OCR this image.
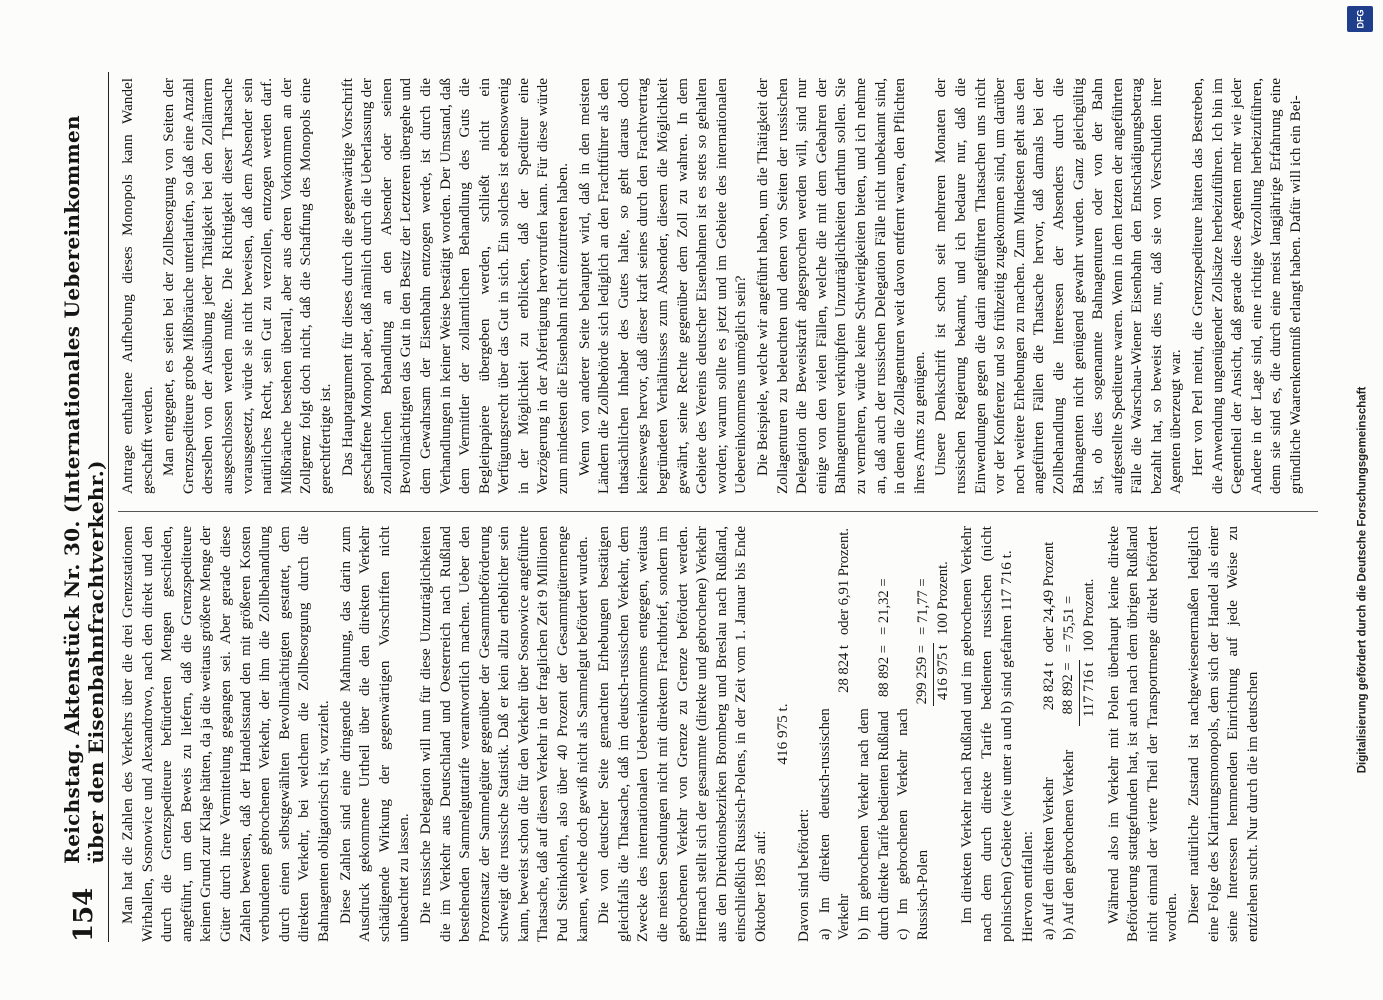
154
Reichstag. Aktenstück Nr. 30. (Internationales Uebereinkommen über den Eisenbahnfrachtverkehr.) Man hat die Zahlen des Verkehrs über die drei Grenzstationen Wirballen, Sosnowice und Alexandrowo, nach den direkt und den durch die Grenzspediteure befürderten Mengen geschieden, angeführt, um den Beweis zu liefern, daß die Grenzspediteure keinen Grund zur Klage hätten, da ja die weitaus größere Menge der Güter durch ihre Vermittelung gegangen sei. Aber gerade diese Zahlen beweisen, daß der Handelsstand den mit größeren Kosten verbundenen gebrochenen Verkehr, der ihm die Zollbehandlung durch einen selbstgewählten Bevollmächtigten gestattet, dem direkten Verkehr, bei welchem die Zollbesorgung durch die Bahnagenten obligatorisch ist, vorzieht. Diese Zahlen sind eine dringende Mahnung, das darin zum Ausdruck gekommene Urtheil über die den direkten Verkehr schädigende Wirkung der gegenwärtigen Vorschriften nicht unbeachtet zu lassen. Die russische Delegation will nun für diese Unzuträglichkeiten die im Verkehr aus Deutschland und Oesterreich nach Rußland bestehenden Sammelguttarife verantwortlich machen. Ueber den Prozentsatz der Sammelgüter gegenüber der Gesammtbeförderung schweigt die russische Statistik. Daß er kein allzu erheblicher sein kann, beweist schon die für den Verkehr über Sosnowice angeführte Thatsache, daß auf diesen Verkehr in der fraglichen Zeit 9 Millionen Pud Steinkohlen, also über 40 Prozent der Gesammtgütermenge kamen, welche doch gewiß nicht als Sammelgut befördert wurden. Die von deutscher Seite gemachten Erhebungen bestätigen gleichfalls die Thatsache, daß im deutsch-russischen Verkehr, dem Zwecke des internationalen Uebereinkommens entgegen, weitaus die meisten Sendungen nicht mit direktem Frachtbrief, sondern im gebrochenen Verkehr von Grenze zu Grenze befördert werden. Hiernach stellt sich der gesammte (direkte und gebrochene) Verkehr aus den Direktionsbezirken Bromberg und Breslau nach Rußland, einschließlich Russisch-Polens, in der Zeit vom 1. Januar bis Ende Oktober 1895 auf:

416 975 t.

Davon sind befördert: a) Im direkten deutsch-russischen Verkehr	28 824 t	oder 6,91 Prozent.
b) Im gebrochenen Verkehr nach dem durch direkte Tarife bedienten Rußland	88 892 =	= 21,32 =
c) Im gebrochenen Verkehr nach Russisch-Polen	299 259 =	= 71,77 =
	416 975 t	100 Prozent. Im direkten Verkehr nach Rußland und im gebrochenen Verkehr nach dem durch direkte Tarife bedienten russischen (nicht polnischen) Gebiete (wie unter a und b) sind gefahren 117 716 t.

Hiervon entfallen: a) Auf den direkten Verkehr	28 824 t	oder 24,49 Prozent
b) Auf den gebrochenen Verkehr	88 892 =	= 75,51 =
	117 716 t	100 Prozent. Während also im Verkehr mit Polen überhaupt keine direkte Beförderung stattgefunden hat, ist auch nach dem übrigen Rußland nicht einmal der vierte Theil der Transportmenge direkt befördert worden. Dieser natürliche Zustand ist nachgewiesenermaßen lediglich eine Folge des Klarirungsmonopols, dem sich der Handel als einer seine Interessen hemmenden Einrichtung auf jede Weise zu entziehen sucht. Nur durch die im deutschen

Antrage enthaltene Aufhebung dieses Monopols kann Wandel geschafft werden. Man entgegnet, es seien bei der Zollbesorgung von Seiten der Grenzspediteure grobe Mißbräuche unterlaufen, so daß eine Anzahl derselben von der Ausübung jeder Thätigkeit bei den Zollämtern ausgeschlossen werden mußte. Die Richtigkeit dieser Thatsache vorausgesetzt, würde sie nicht beweisen, daß dem Absender sein natürliches Recht, sein Gut zu verzollen, entzogen werden darf. Mißbräuche bestehen überall, aber aus deren Vorkommen an der Zollgrenz folgt doch nicht, daß die Schaffung des Monopols eine gerechtfertigte ist. Das Hauptargument für dieses durch die gegenwärtige Vorschrift geschaffene Monopol aber, daß nämlich durch die Ueberlassung der zollamtlichen Behandlung an den Absender oder seinen Bevollmächtigten das Gut in den Besitz der Letzteren übergehe und dem Gewahrsam der Eisenbahn entzogen werde, ist durch die Verhandlungen in keiner Weise bestätigt worden. Der Umstand, daß dem Vermittler der zollamtlichen Behandlung des Guts die Begleitpapiere übergeben werden, schließt nicht ein Verfügungsrecht über das Gut in sich. Ein solches ist ebensowenig in der Möglichkeit zu erblicken, daß der Spediteur eine Verzögerung in der Abfertigung hervorrufen kann. Für diese würde zum mindesten die Eisenbahn nicht einzutreten haben. Wenn von anderer Seite behauptet wird, daß in den meisten Ländern die Zollbehörde sich lediglich an den Frachtführer als den thatsächlichen Inhaber des Gutes halte, so geht daraus doch keineswegs hervor, daß dieser kraft seines durch den Frachtvertrag begründeten Verhältnisses zum Absender, diesem die Möglichkeit gewährt, seine Rechte gegenüber dem Zoll zu wahren. In dem Gebiete des Vereins deutscher Eisenbahnen ist es stets so gehalten worden; warum sollte es jetzt und im Gebiete des internationalen Uebereinkommens unmöglich sein? Die Beispiele, welche wir angeführt haben, um die Thätigkeit der Zollagenturen zu beleuchten und denen von Seiten der russischen Delegation die Beweiskraft abgesprochen werden will, sind nur einige von den vielen Fällen, welche die mit dem Gebahren der Bahnagenturen verknüpften Unzuträglichkeiten darthun sollen. Sie zu vermehren, würde keine Schwierigkeiten bieten, und ich nehme an, daß auch der russischen Delegation Fälle nicht unbekannt sind, in denen die Zollagenturen weit davon entfernt waren, den Pflichten ihres Amts zu genügen. Unsere Denkschrift ist schon seit mehreren Monaten der russischen Regierung bekannt, und ich bedaure nur, daß die Einwendungen gegen die darin angeführten Thatsachen uns nicht vor der Konferenz und so frühzeitig zugekommen sind, um darüber noch weitere Erhebungen zu machen. Zum Mindesten geht aus den angeführten Fällen die Thatsache hervor, daß damals bei der Zollbehandlung die Interessen der Absenders durch die Bahnagenten nicht genügend gewahrt wurden. Ganz gleichgültig ist, ob dies sogenannte Bahnagenturen oder von der Bahn aufgestellte Spediteure waren. Wenn in dem letzten der angeführten Fälle die Warschau-Wiener Eisenbahn den Entschädigungsbetrag bezahlt hat, so beweist dies nur, daß sie von Verschulden ihrer Agenten überzeugt war. Herr von Perl meint, die Grenzspediteure hätten das Bestreben, die Anwendung ungenügender Zollsätze herbeizuführen. Ich bin im Gegentheil der Ansicht, daß gerade diese Agenten mehr wie jeder Andere in der Lage sind, eine richtige Verzollung herbeizuführen, denn sie sind es, die durch eine meist langjährige Erfahrung eine gründliche Waarenkenntniß erlangt haben. Dafür will ich ein Bei-

DFG
Digitalisierung gefördert durch die Deutsche Forschungsgemeinschaft
